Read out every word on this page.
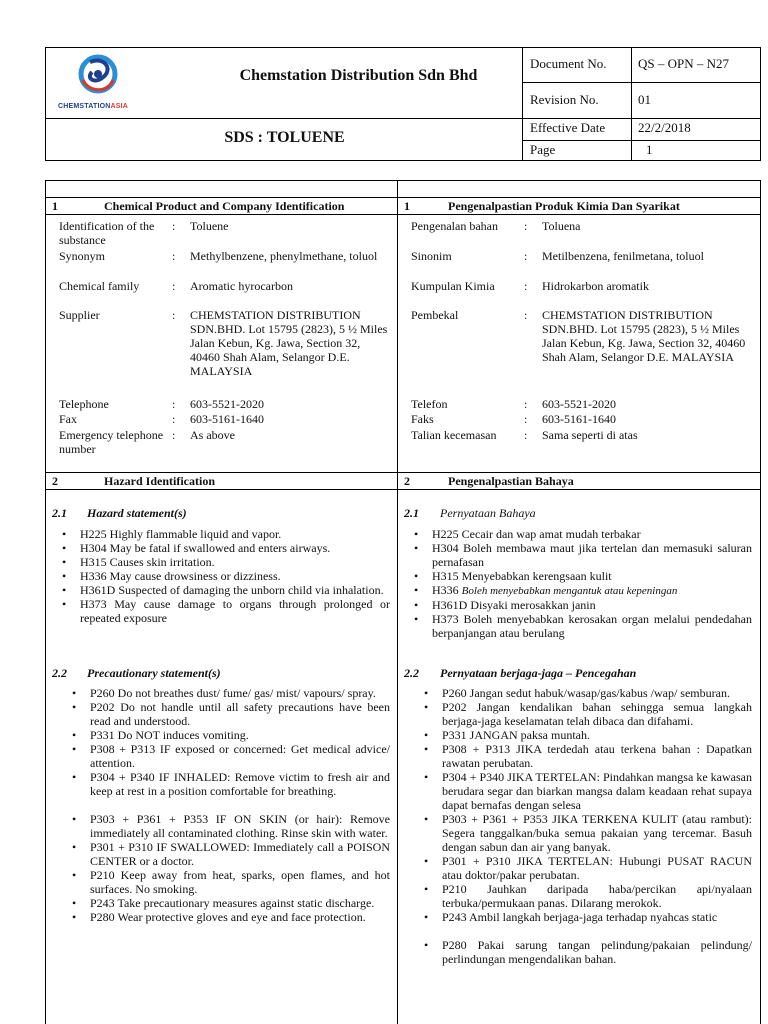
CHEMSTATIONASIA
Chemstation Distribution Sdn Bhd
SDS : TOLUENE
Document No. QS – OPN – N27
Revision No.	01
Effective Date	22/2/2018
Page	1
1	Chemical Product and Company Identification	1	Pengenalpastian Produk Kimia Dan Syarikat
Identification of the substance
: Toluene
Synonym	: Methylbenzene, phenylmethane, toluol
Chemical family	: Aromatic hyrocarbon
Supplier	: CHEMSTATION DISTRIBUTION SDN.BHD. Lot 15795 (2823), 5 ½ Miles Jalan Kebun, Kg. Jawa, Section 32, 40460 Shah Alam, Selangor D.E. MALAYSIA
Telephone	: 603-5521-2020
Fax	: 603-5161-1640
Emergency telephone number
: As above
Pengenalan bahan : Toluena
Sinonim	: Metilbenzena, fenilmetana, toluol
Kumpulan Kimia : Hidrokarbon aromatik
Pembekal	: CHEMSTATION DISTRIBUTION SDN.BHD. Lot 15795 (2823), 5 ½ Miles Jalan Kebun, Kg. Jawa, Section 32, 40460 Shah Alam, Selangor D.E. MALAYSIA
Telefon	: 603-5521-2020
Faks	: 603-5161-1640
Talian kecemasan : Sama seperti di atas
2	Hazard Identification	2	Pengenalpastian Bahaya
2.1 Hazard statement(s)
• H225 Highly flammable liquid and vapor.
• H304 May be fatal if swallowed and enters airways.
• H315 Causes skin irritation.
• H336 May cause drowsiness or dizziness.
• H361D Suspected of damaging the unborn child via inhalation.
• H373 May cause damage to organs through prolonged or repeated exposure
2.2 Precautionary statement(s)
• P260 Do not breathes dust/ fume/ gas/ mist/ vapours/ spray.
• P202 Do not handle until all safety precautions have been read and understood.
• P331 Do NOT induces vomiting.
• P308 + P313 IF exposed or concerned: Get medical advice/ attention.
• P304 + P340 IF INHALED: Remove victim to fresh air and keep at rest in a position comfortable for breathing.
• P303 + P361 + P353 IF ON SKIN (or hair): Remove immediately all contaminated clothing. Rinse skin with water.
• P301 + P310 IF SWALLOWED: Immediately call a POISON CENTER or a doctor.
• P210 Keep away from heat, sparks, open flames, and hot surfaces. No smoking.
• P243 Take precautionary measures against static discharge.
• P280 Wear protective gloves and eye and face protection.
2.1 Pernyataan Bahaya
• H225 Cecair dan wap amat mudah terbakar
• H304 Boleh membawa maut jika tertelan dan memasuki saluran pernafasan
• H315 Menyebabkan kerengsaan kulit
• H336 Boleh menyebabkan mengantuk atau kepeningan
• H361D Disyaki merosakkan janin
• H373 Boleh menyebabkan kerosakan organ melalui pendedahan berpanjangan atau berulang
2.2 Pernyataan berjaga-jaga – Pencegahan
• P260 Jangan sedut habuk/wasap/gas/kabus /wap/ semburan.
• P202 Jangan kendalikan bahan sehingga semua langkah berjaga-jaga keselamatan telah dibaca dan difahami.
• P331 JANGAN paksa muntah.
• P308 + P313 JIKA terdedah atau terkena bahan : Dapatkan rawatan perubatan.
• P304 + P340 JIKA TERTELAN: Pindahkan mangsa ke kawasan berudara segar dan biarkan mangsa dalam keadaan rehat supaya dapat bernafas dengan selesa
• P303 + P361 + P353 JIKA TERKENA KULIT (atau rambut): Segera tanggalkan/buka semua pakaian yang tercemar. Basuh dengan sabun dan air yang banyak.
• P301 + P310 JIKA TERTELAN: Hubungi PUSAT RACUN atau doktor/pakar perubatan.
• P210 Jauhkan daripada haba/percikan api/nyalaan terbuka/permukaan panas. Dilarang merokok.
• P243 Ambil langkah berjaga-jaga terhadap nyahcas static
• P280 Pakai sarung tangan pelindung/pakaian pelindung/ perlindungan mengendalikan bahan.
